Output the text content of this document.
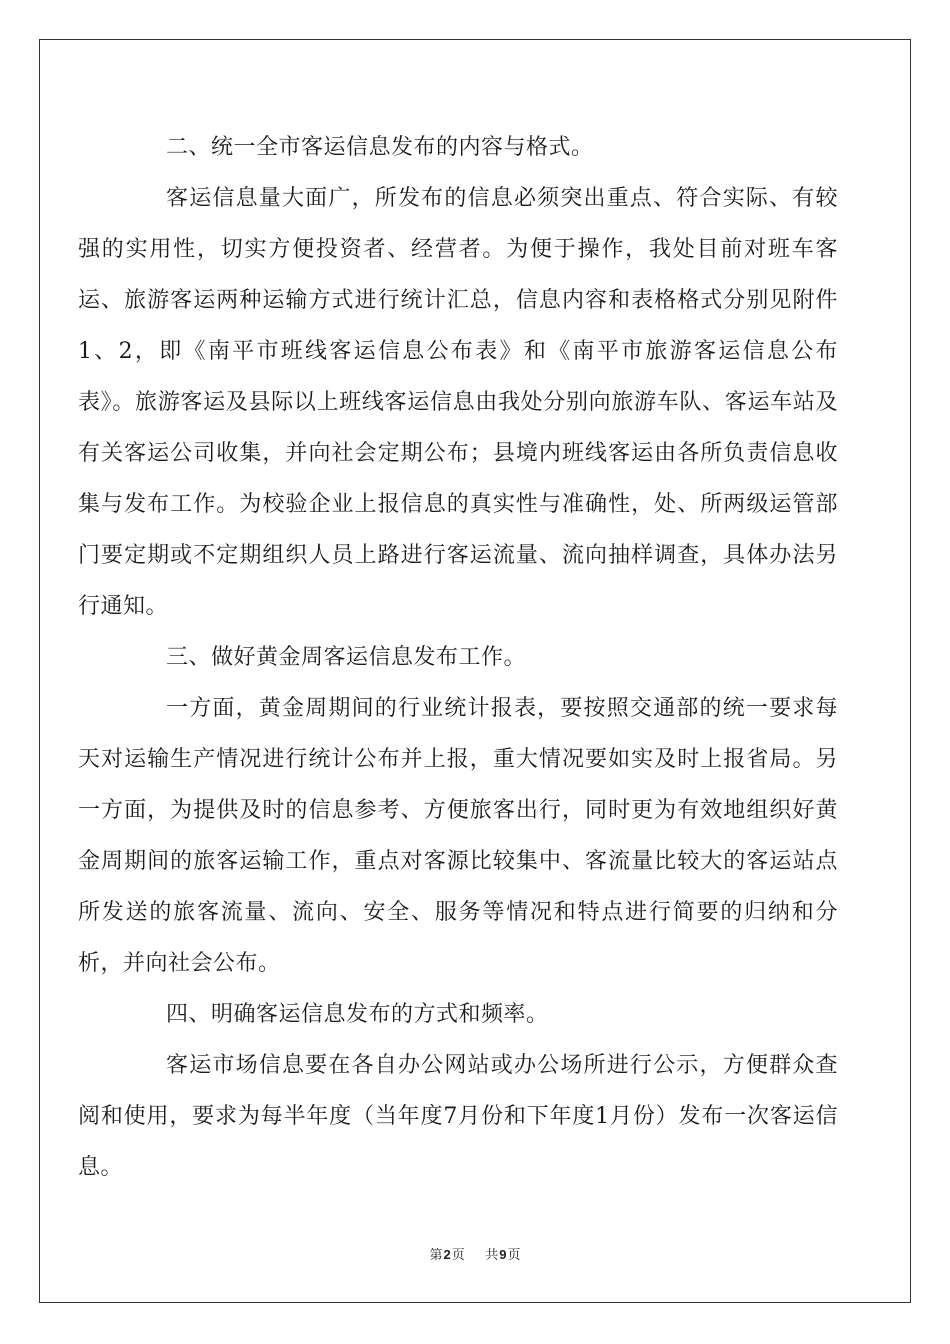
二、统一全市客运信息发布的内容与格式。

客运信息量大面广，所发布的信息必须突出重点、符合实际、有较强的实用性，切实方便投资者、经营者。为便于操作，我处目前对班车客运、旅游客运两种运输方式进行统计汇总，信息内容和表格格式分别见附件1、2，即《南平市班线客运信息公布表》和《南平市旅游客运信息公布表》。旅游客运及县际以上班线客运信息由我处分别向旅游车队、客运车站及有关客运公司收集，并向社会定期公布；县境内班线客运由各所负责信息收集与发布工作。为校验企业上报信息的真实性与准确性，处、所两级运管部门要定期或不定期组织人员上路进行客运流量、流向抽样调查，具体办法另行通知。

三、做好黄金周客运信息发布工作。

一方面，黄金周期间的行业统计报表，要按照交通部的统一要求每天对运输生产情况进行统计公布并上报，重大情况要如实及时上报省局。另一方面，为提供及时的信息参考、方便旅客出行，同时更为有效地组织好黄金周期间的旅客运输工作，重点对客源比较集中、客流量比较大的客运站点所发送的旅客流量、流向、安全、服务等情况和特点进行简要的归纳和分析，并向社会公布。

四、明确客运信息发布的方式和频率。

客运市场信息要在各自办公网站或办公场所进行公示，方便群众查阅和使用，要求为每半年度（当年度7月份和下年度1月份）发布一次客运信息。

第2页 共9页
